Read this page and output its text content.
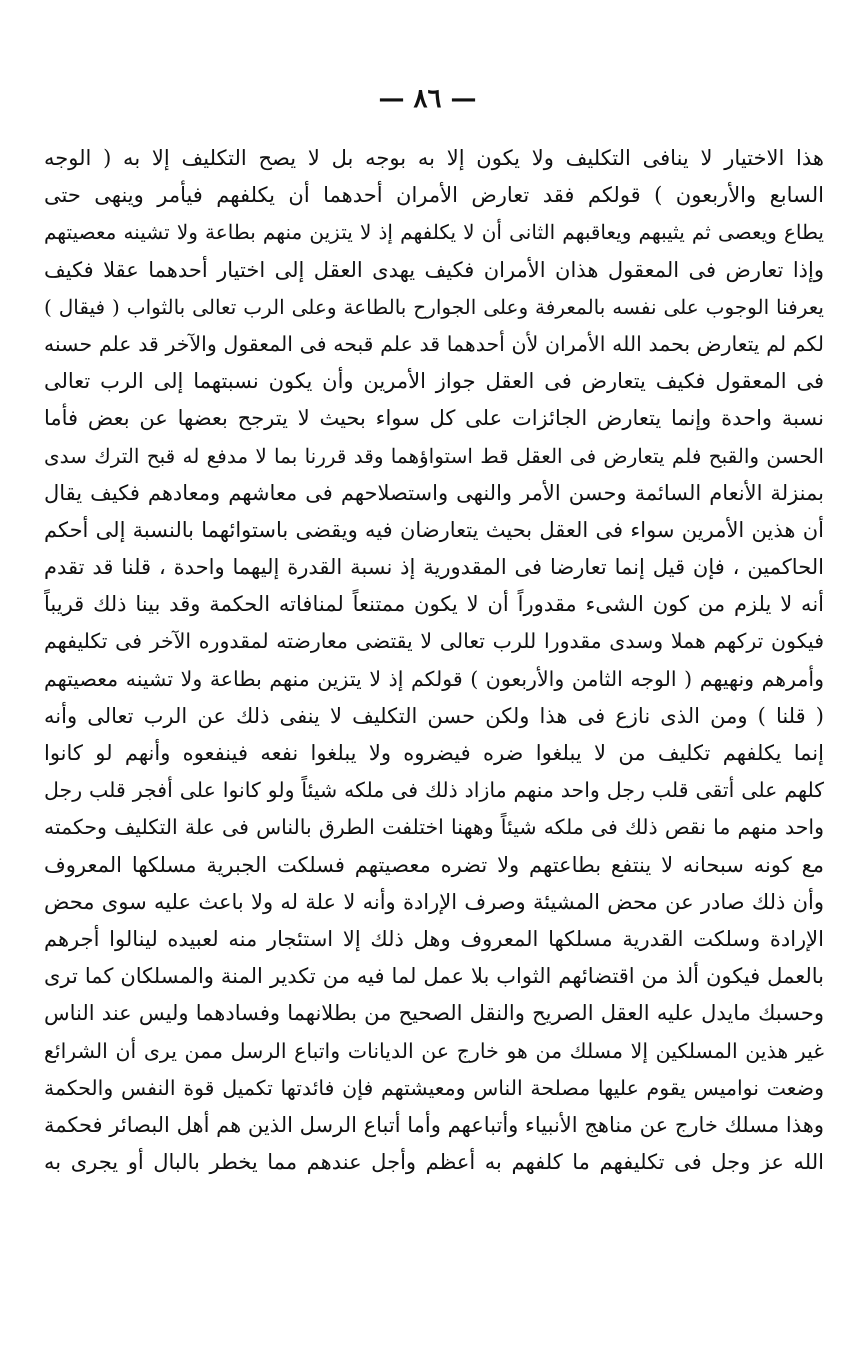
— ٨٦ —
هذا الاختيار لا ينافى التكليف ولا يكون إلا به بوجه بل لا يصح التكليف إلا به ( الوجه
السابع والأربعون ) قولكم فقد تعارض الأمران أحدهما أن يكلفهم فيأمر وينهى حتى
يطاع ويعصى ثم يثيبهم ويعاقبهم الثانى أن لا يكلفهم إذ لا يتزين منهم بطاعة ولا تشينه معصيتهم
وإذا تعارض فى المعقول هذان الأمران فكيف يهدى العقل إلى اختيار أحدهما عقلا فكيف
يعرفنا الوجوب على نفسه بالمعرفة وعلى الجوارح بالطاعة وعلى الرب تعالى بالثواب ( فيقال )
لكم لم يتعارض بحمد الله الأمران لأن أحدهما قد علم قبحه فى المعقول والآخر قد علم حسنه
فى المعقول فكيف يتعارض فى العقل جواز الأمرين وأن يكون نسبتهما إلى الرب تعالى
نسبة واحدة وإنما يتعارض الجائزات على كل سواء بحيث لا يترجح بعضها عن بعض فأما
الحسن والقبح فلم يتعارض فى العقل قط استواؤهما وقد قررنا بما لا مدفع له قبح الترك سدى
بمنزلة الأنعام السائمة وحسن الأمر والنهى واستصلاحهم فى معاشهم ومعادهم فكيف يقال
أن هذين الأمرين سواء فى العقل بحيث يتعارضان فيه ويقضى باستوائهما بالنسبة إلى أحكم
الحاكمين ، فإن قيل إنما تعارضا فى المقدورية إذ نسبة القدرة إليهما واحدة ، قلنا قد تقدم
أنه لا يلزم من كون الشىء مقدوراً أن لا يكون ممتنعاً لمنافاته الحكمة وقد بينا ذلك قريباً
فيكون تركهم هملا وسدى مقدورا للرب تعالى لا يقتضى معارضته لمقدوره الآخر فى تكليفهم
وأمرهم ونهيهم ( الوجه الثامن والأربعون ) قولكم إذ لا يتزين منهم بطاعة ولا تشينه معصيتهم
( قلنا ) ومن الذى نازع فى هذا ولكن حسن التكليف لا ينفى ذلك عن الرب تعالى وأنه
إنما يكلفهم تكليف من لا يبلغوا ضره فيضروه ولا يبلغوا نفعه فينفعوه وأنهم لو كانوا
كلهم على أتقى قلب رجل واحد منهم مازاد ذلك فى ملكه شيئاً ولو كانوا على أفجر قلب رجل
واحد منهم ما نقص ذلك فى ملكه شيئاً وههنا اختلفت الطرق بالناس فى علة التكليف وحكمته
مع كونه سبحانه لا ينتفع بطاعتهم ولا تضره معصيتهم فسلكت الجبرية مسلكها المعروف
وأن ذلك صادر عن محض المشيئة وصرف الإرادة وأنه لا علة له ولا باعث عليه سوى محض
الإرادة وسلكت القدرية مسلكها المعروف وهل ذلك إلا استئجار منه لعبيده لينالوا أجرهم
بالعمل فيكون ألذ من اقتضائهم الثواب بلا عمل لما فيه من تكدير المنة والمسلكان كما ترى
وحسبك مايدل عليه العقل الصريح والنقل الصحيح من بطلانهما وفسادهما وليس عند الناس
غير هذين المسلكين إلا مسلك من هو خارج عن الديانات واتباع الرسل ممن يرى أن الشرائع
وضعت نواميس يقوم عليها مصلحة الناس ومعيشتهم فإن فائدتها تكميل قوة النفس والحكمة
وهذا مسلك خارج عن مناهج الأنبياء وأتباعهم وأما أتباع الرسل الذين هم أهل البصائر فحكمة
الله عز وجل فى تكليفهم ما كلفهم به أعظم وأجل عندهم مما يخطر بالبال أو يجرى به
